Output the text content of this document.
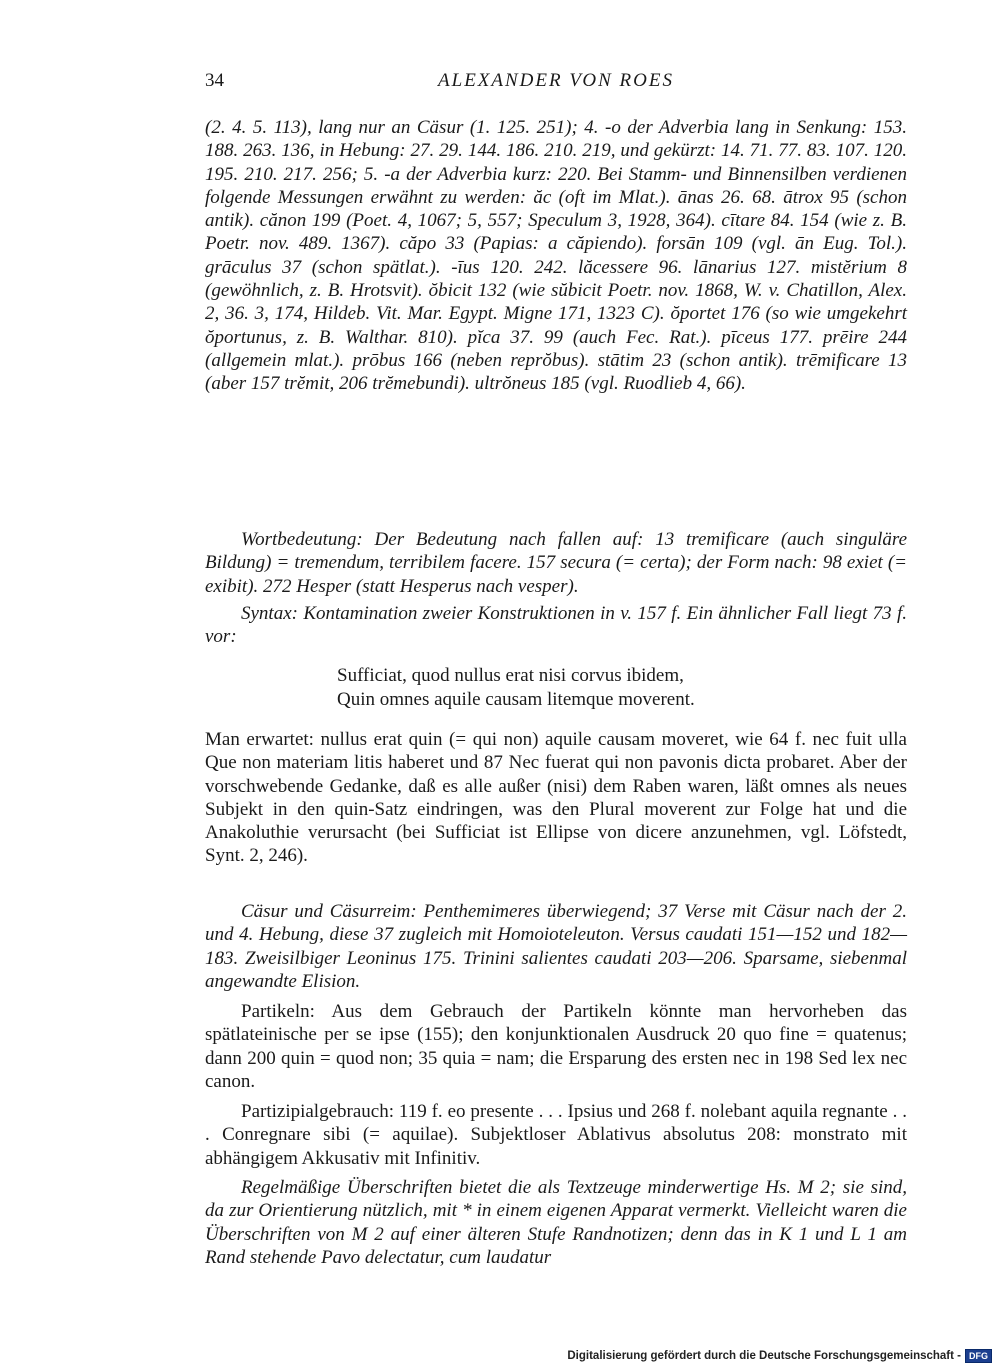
34	ALEXANDER VON ROES

(2. 4. 5. 113), lang nur an Cäsur (1. 125. 251); 4. -o der Adverbia lang in Senkung: 153. 188. 263. 136, in Hebung: 27. 29. 144. 186. 210. 219, und gekürzt: 14. 71. 77. 83. 107. 120. 195. 210. 217. 256; 5. -a der Adverbia kurz: 220. Bei Stamm- und Binnensilben verdienen folgende Messungen erwähnt zu werden: ăc (oft im Mlat.). ānas 26. 68. ātrox 95 (schon antik). cănon 199 (Poet. 4, 1067; 5, 557; Speculum 3, 1928, 364). cītare 84. 154 (wie z. B. Poetr. nov. 489. 1367). căpo 33 (Papias: a căpiendo). forsān 109 (vgl. ān Eug. Tol.). grāculus 37 (schon spätlat.). -īus 120. 242. lăcessere 96. lānarius 127. mistĕrium 8 (gewöhnlich, z. B. Hrotsvit). ŏbicit 132 (wie sŭbicit Poetr. nov. 1868, W. v. Chatillon, Alex. 2, 36. 3, 174, Hildeb. Vit. Mar. Egypt. Migne 171, 1323 C). ŏportet 176 (so wie umgekehrt ŏportunus, z. B. Walthar. 810). pĭca 37. 99 (auch Fec. Rat.). pīceus 177. prēire 244 (allgemein mlat.). prōbus 166 (neben reprŏbus). stātim 23 (schon antik). trēmificare 13 (aber 157 trĕmit, 206 trĕmebundi). ultrŏneus 185 (vgl. Ruodlieb 4, 66).

Wortbedeutung: Der Bedeutung nach fallen auf: 13 tremificare (auch singuläre Bildung) = tremendum, terribilem facere. 157 secura (= certa); der Form nach: 98 exiet (= exibit). 272 Hesper (statt Hesperus nach vesper).

Syntax: Kontamination zweier Konstruktionen in v. 157 f. Ein ähnlicher Fall liegt 73 f. vor:

Sufficiat, quod nullus erat nisi corvus ibidem,
Quin omnes aquile causam litemque moverent.

Man erwartet: nullus erat quin (= qui non) aquile causam moveret, wie 64 f. nec fuit ulla Que non materiam litis haberet und 87 Nec fuerat qui non pavonis dicta probaret. Aber der vorschwebende Gedanke, daß es alle außer (nisi) dem Raben waren, läßt omnes als neues Subjekt in den quin-Satz eindringen, was den Plural moverent zur Folge hat und die Anakoluthie verursacht (bei Sufficiat ist Ellipse von dicere anzunehmen, vgl. Löfstedt, Synt. 2, 246).

Cäsur und Cäsurreim: Penthemimeres überwiegend; 37 Verse mit Cäsur nach der 2. und 4. Hebung, diese 37 zugleich mit Homoioteleuton. Versus caudati 151—152 und 182—183. Zweisilbiger Leoninus 175. Trinini salientes caudati 203—206. Sparsame, siebenmal angewandte Elision.

Partikeln: Aus dem Gebrauch der Partikeln könnte man hervorheben das spätlateinische per se ipse (155); den konjunktionalen Ausdruck 20 quo fine = quatenus; dann 200 quin = quod non; 35 quia = nam; die Ersparung des ersten nec in 198 Sed lex nec canon.

Partizipialgebrauch: 119 f. eo presente . . . Ipsius und 268 f. nolebant aquila regnante . . . Conregnare sibi (= aquilae). Subjektloser Ablativus absolutus 208: monstrato mit abhängigem Akkusativ mit Infinitiv.

Regelmäßige Überschriften bietet die als Textzeuge minderwertige Hs. M 2; sie sind, da zur Orientierung nützlich, mit * in einem eigenen Apparat vermerkt. Vielleicht waren die Überschriften von M 2 auf einer älteren Stufe Randnotizen; denn das in K 1 und L 1 am Rand stehende Pavo delectatur, cum laudatur

Digitalisierung gefördert durch die Deutsche Forschungsgemeinschaft - DFG
